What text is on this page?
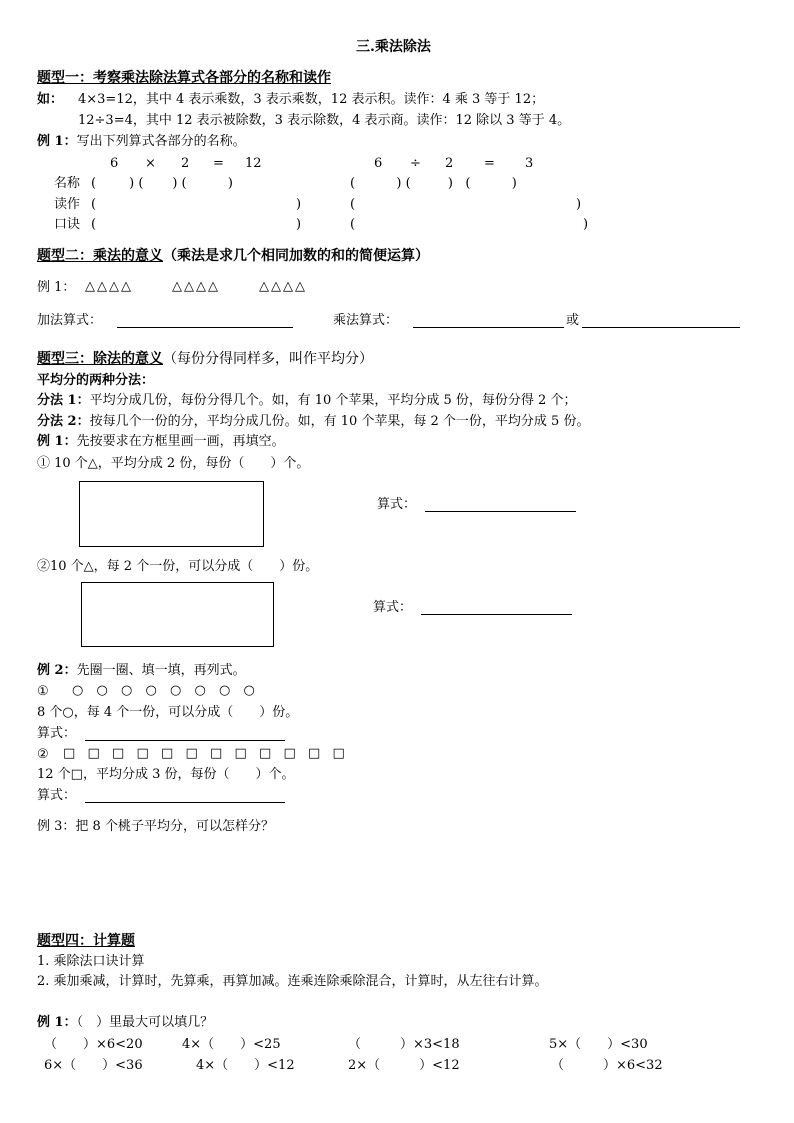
三.乘法除法
题型一：考察乘法除法算式各部分的名称和读作
如： 4×3=12，其中 4 表示乘数，3 表示乘数，12 表示积。读作：4 乘 3 等于 12；
12÷3=4，其中 12 表示被除数，3 表示除数，4 表示商。读作：12 除以 3 等于 4。
例 1：写出下列算式各部分的名称。
6 × 2 = 12	6 ÷ 2 = 3
名称 (        ) (       ) (          )	(          ) (         )   (          )
读作 (	)	(	)
口诀 (	)	(	)
题型二：乘法的意义（乘法是求几个相同加数的和的简便运算）
例 1： △△△△	△△△△	△△△△
加法算式：	乘法算式：	或
题型三：除法的意义（每份分得同样多，叫作平均分）
平均分的两种分法：
分法 1：平均分成几份，每份分得几个。如，有 10 个苹果，平均分成 5 份，每份分得 2 个；
分法 2：按每几个一份的分，平均分成几份。如，有 10 个苹果，每 2 个一份，平均分成 5 份。
例 1：先按要求在方框里画一画，再填空。
① 10 个△，平均分成 2 份，每份（　　）个。
算式：
②10 个△，每 2 个一份，可以分成（　　）份。
算式：
例 2：先圈一圈、填一填，再列式。
① ○ ○ ○ ○ ○ ○ ○ ○
8 个○，每 4 个一份，可以分成（　　）份。
算式：
② □ □ □ □ □ □ □ □ □ □ □ □
12 个□，平均分成 3 份，每份（　　）个。
算式：
例 3：把 8 个桃子平均分，可以怎样分？
题型四：计算题
1. 乘除法口诀计算
2. 乘加乘减，计算时，先算乘，再算加减。连乘连除乘除混合，计算时，从左往右计算。
例 1：（　）里最大可以填几？
（　　）×6<20	4×（　　）<25	（　　　）×3<18	5×（　　）<30
6×（　　）<36	4×（　　）<12	2×（　　　）<12	（　　　）×6<32
